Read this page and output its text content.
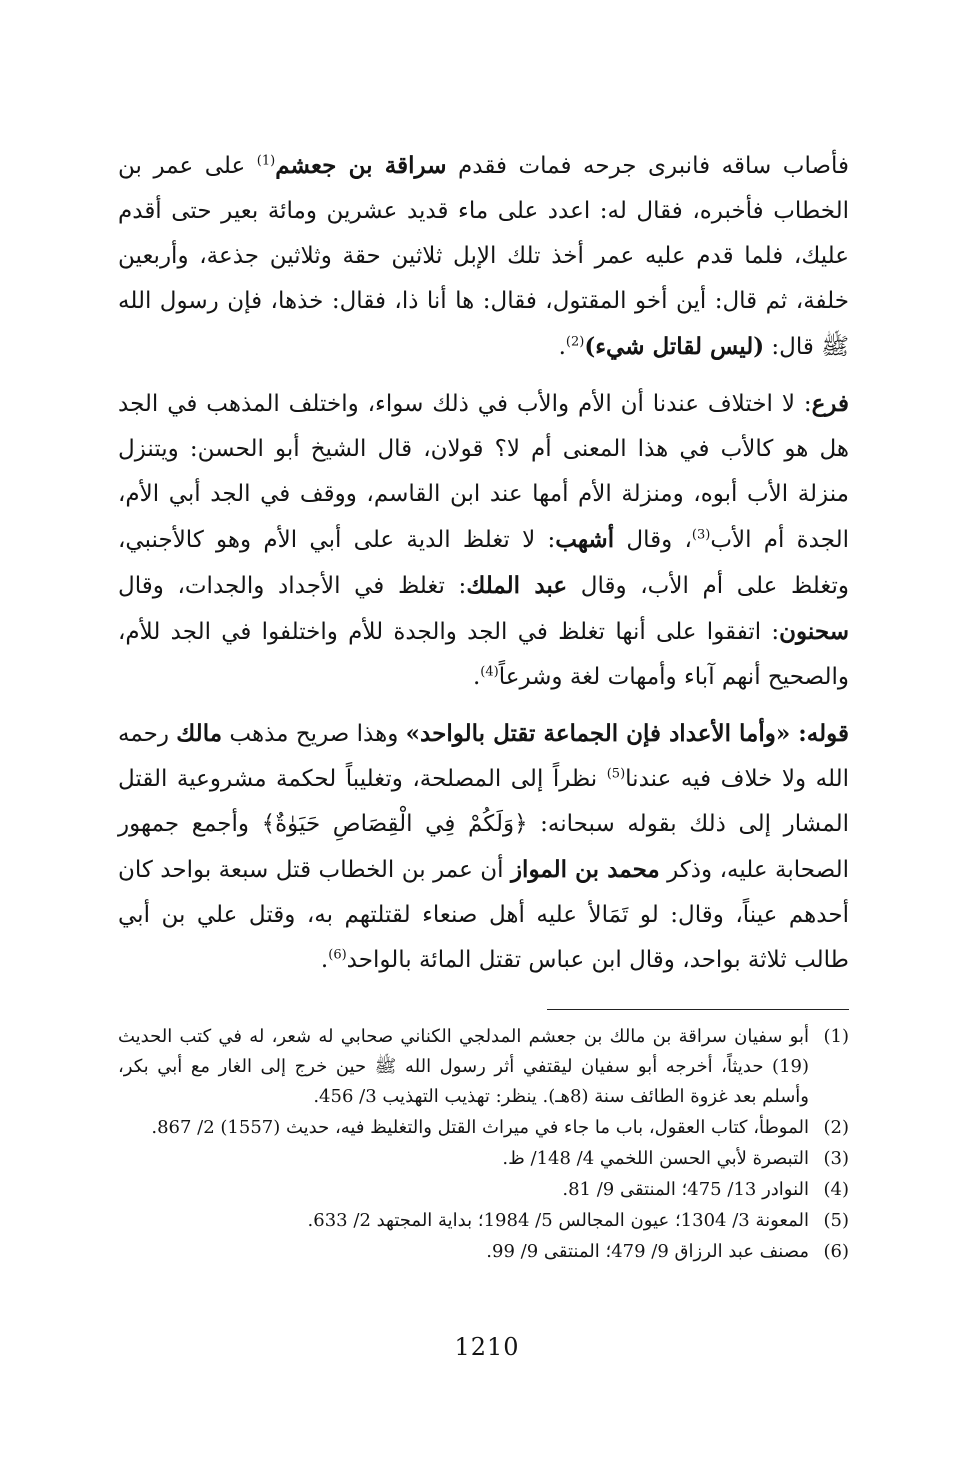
فأصاب ساقه فانبرى جرحه فمات فقدم سراقة بن جعشم$^{(1)}$ على عمر بن الخطاب فأخبره، فقال له: اعدد على ماء قديد عشرين ومائة بعير حتى أقدم عليك، فلما قدم عليه عمر أخذ تلك الإبل ثلاثين حقة وثلاثين جذعة، وأربعين خلفة، ثم قال: أين أخو المقتول، فقال: ها أنا ذا، فقال: خذها، فإن رسول الله ﷺ قال: (ليس لقاتل شيء)$^{(2)}$.

فرع: لا اختلاف عندنا أن الأم والأب في ذلك سواء، واختلف المذهب في الجد هل هو كالأب في هذا المعنى أم لا؟ قولان، قال الشيخ أبو الحسن: ويتنزل منزلة الأب أبوه، ومنزلة الأم أمها عند ابن القاسم، ووقف في الجد أبي الأم، الجدة أم الأب$^{(3)}$، وقال أشهب: لا تغلظ الدية على أبي الأم وهو كالأجنبي، وتغلظ على أم الأب، وقال عبد الملك: تغلظ في الأجداد والجدات، وقال سحنون: اتفقوا على أنها تغلظ في الجد والجدة للأم واختلفوا في الجد للأم، والصحيح أنهم آباء وأمهات لغة وشرعاً$^{(4)}$.

قوله: «وأما الأعداد فإن الجماعة تقتل بالواحد» وهذا صريح مذهب مالك رحمه الله ولا خلاف فيه عندنا$^{(5)}$ نظراً إلى المصلحة، وتغليباً لحكمة مشروعية القتل المشار إلى ذلك بقوله سبحانه: ﴿وَلَكُمْ فِي الْقِصَاصِ حَيَوٰةٌ﴾ وأجمع جمهور الصحابة عليه، وذكر محمد بن المواز أن عمر بن الخطاب قتل سبعة بواحد كان أحدهم عيناً، وقال: لو تَمَالأ عليه أهل صنعاء لقتلتهم به، وقتل علي بن أبي طالب ثلاثة بواحد، وقال ابن عباس تقتل المائة بالواحد$^{(6)}$.

(1)
أبو سفيان سراقة بن مالك بن جعشم المدلجي الكناني صحابي له شعر، له في كتب الحديث (19) حديثاً، أخرجه أبو سفيان ليقتفي أثر رسول الله ﷺ حين خرج إلى الغار مع أبي بكر، وأسلم بعد غزوة الطائف سنة (8هـ). ينظر: تهذيب التهذيب 3/ 456.
(2)
الموطأ، كتاب العقول، باب ما جاء في ميراث القتل والتغليظ فيه، حديث (1557) 2/ 867.
(3)
التبصرة لأبي الحسن اللخمي 4/ 148/ ظ.
(4)
النوادر 13/ 475؛ المنتقى 9/ 81.
(5)
المعونة 3/ 1304؛ عيون المجالس 5/ 1984؛ بداية المجتهد 2/ 633.
(6)
مصنف عبد الرزاق 9/ 479؛ المنتقى 9/ 99.
1210
